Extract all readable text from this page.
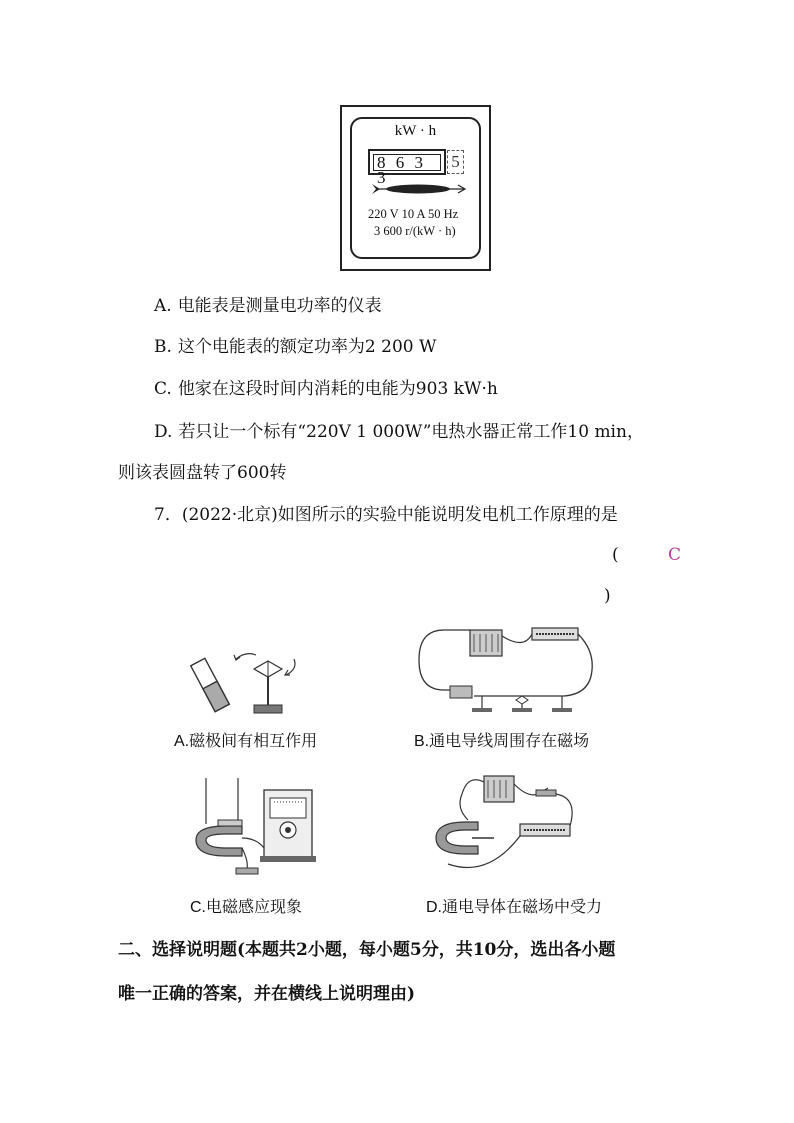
kW · h
8 6 3 3
5
220 V 10 A 50 Hz
3 600 r/(kW · h)
A. 电能表是测量电功率的仪表
B. 这个电能表的额定功率为2 200 W
C. 他家在这段时间内消耗的电能为903 kW·h
D. 若只让一个标有“220V 1 000W”电热水器正常工作10 min，
则该表圆盘转了600转
7．(2022·北京)如图所示的实验中能说明发电机工作原理的是
(	C
)
A.磁极间有相互作用	B.通电导线周围存在磁场
C.电磁感应现象	D.通电导体在磁场中受力
二、选择说明题(本题共2小题，每小题5分，共10分，选出各小题
唯一正确的答案，并在横线上说明理由)
